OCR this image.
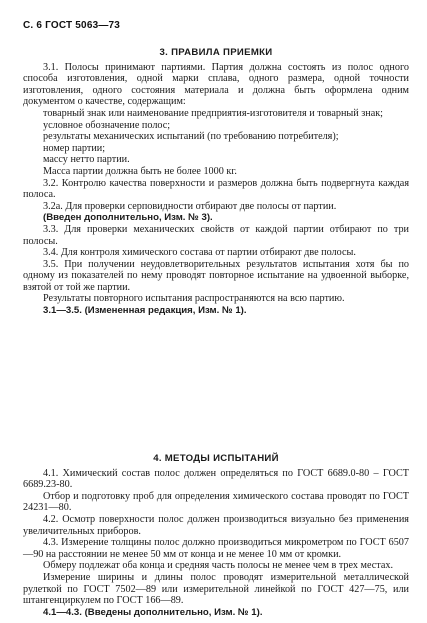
С. 6 ГОСТ 5063—73

3. ПРАВИЛА ПРИЕМКИ

3.1. Полосы принимают партиями. Партия должна состоять из полос одного способа изготовления, одной марки сплава, одного размера, одной точности изготовления, одного состояния материала и должна быть оформлена одним документом о качестве, содержащим:

товарный знак или наименование предприятия-изготовителя и товарный знак;

условное обозначение полос;

результаты механических испытаний (по требованию потребителя);

номер партии;

массу нетто партии.

Масса партии должна быть не более 1000 кг.

3.2. Контролю качества поверхности и размеров должна быть подвергнута каждая полоса.

3.2а. Для проверки серповидности отбирают две полосы от партии.

(Введен дополнительно, Изм. № 3).

3.3. Для проверки механических свойств от каждой партии отбирают по три полосы.

3.4. Для контроля химического состава от партии отбирают две полосы.

3.5. При получении неудовлетворительных результатов испытания хотя бы по одному из показателей по нему проводят повторное испытание на удвоенной выборке, взятой от той же партии.

Результаты повторного испытания распространяются на всю партию.

3.1—3.5. (Измененная редакция, Изм. № 1).

4. МЕТОДЫ ИСПЫТАНИЙ

4.1. Химический состав полос должен определяться по ГОСТ 6689.0-80 – ГОСТ 6689.23-80.

Отбор и подготовку проб для определения химического состава проводят по ГОСТ 24231—80.

4.2. Осмотр поверхности полос должен производиться визуально без применения увеличительных приборов.

4.3. Измерение толщины полос должно производиться микрометром по ГОСТ 6507—90 на расстоянии не менее 50 мм от конца и не менее 10 мм от кромки.

Обмеру подлежат оба конца и средняя часть полосы не менее чем в трех местах.

Измерение ширины и длины полос проводят измерительной металлической рулеткой по ГОСТ 7502—89 или измерительной линейкой по ГОСТ 427—75, или штангенциркулем по ГОСТ 166—89.

4.1—4.3. (Введены дополнительно, Изм. № 1).
